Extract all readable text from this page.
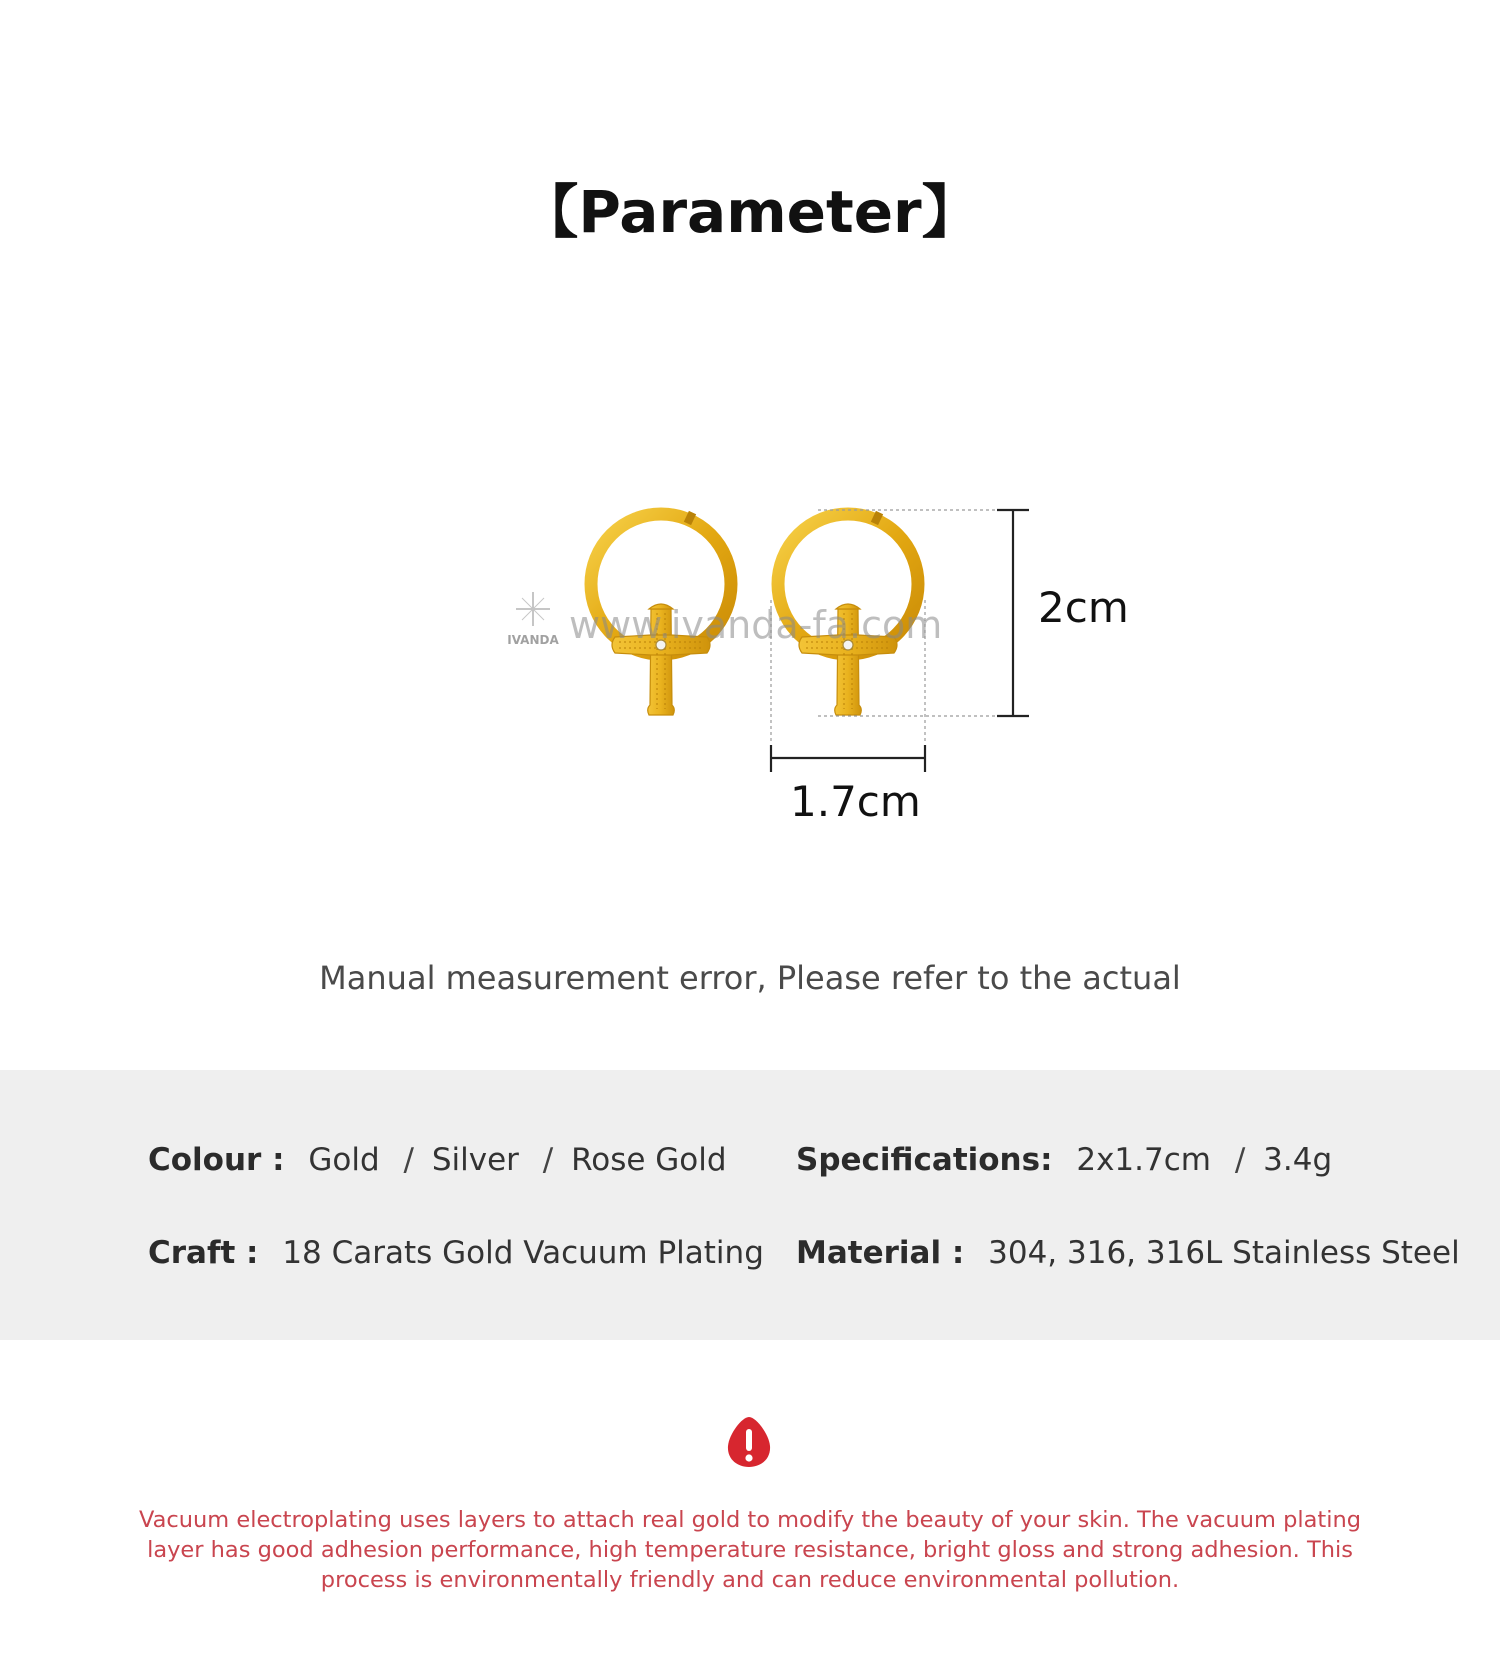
【Parameter】
IVANDA www.ivanda-fa.com 2cm
1.7cm
Manual measurement error, Please refer to the actual
Colour : Gold / Silver / Rose Gold Specifications: 2x1.7cm / 3.4g
Craft : 18 Carats Gold Vacuum Plating Material : 304, 316, 316L Stainless Steel

Vacuum electroplating uses layers to attach real gold to modify the beauty of your skin. The vacuum plating layer has good adhesion performance, high temperature resistance, bright gloss and strong adhesion. This process is environmentally friendly and can reduce environmental pollution.
